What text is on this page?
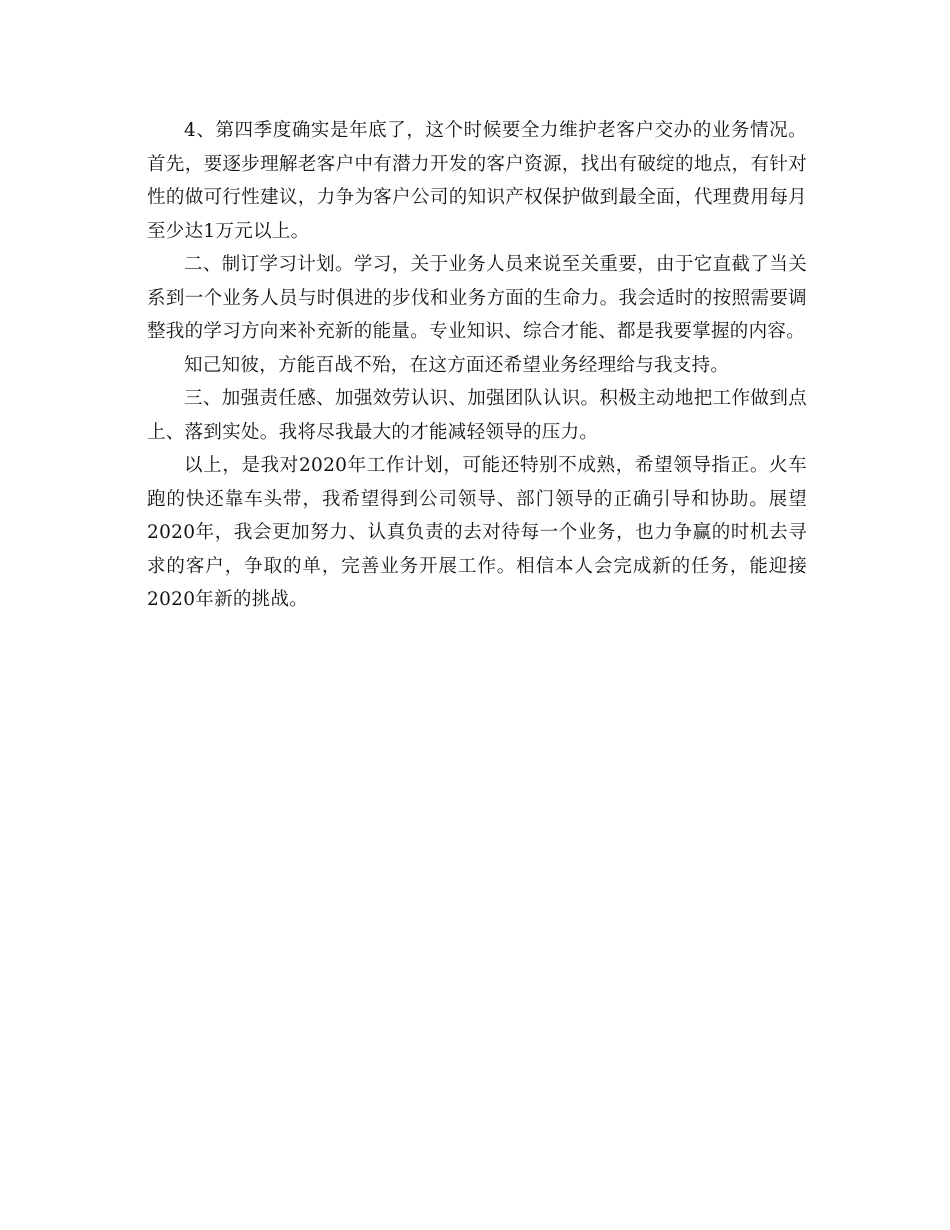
4、第四季度确实是年底了，这个时候要全力维护老客户交办的业务情况。首先，要逐步理解老客户中有潜力开发的客户资源，找出有破绽的地点，有针对性的做可行性建议，力争为客户公司的知识产权保护做到最全面，代理费用每月至少达1万元以上。

二、制订学习计划。学习，关于业务人员来说至关重要，由于它直截了当关系到一个业务人员与时俱进的步伐和业务方面的生命力。我会适时的按照需要调整我的学习方向来补充新的能量。专业知识、综合才能、都是我要掌握的内容。

知己知彼，方能百战不殆，在这方面还希望业务经理给与我支持。

三、加强责任感、加强效劳认识、加强团队认识。积极主动地把工作做到点上、落到实处。我将尽我最大的才能减轻领导的压力。

以上，是我对2020年工作计划，可能还特别不成熟，希望领导指正。火车跑的快还靠车头带，我希望得到公司领导、部门领导的正确引导和协助。展望2020年，我会更加努力、认真负责的去对待每一个业务，也力争赢的时机去寻求的客户，争取的单，完善业务开展工作。相信本人会完成新的任务，能迎接2020年新的挑战。
